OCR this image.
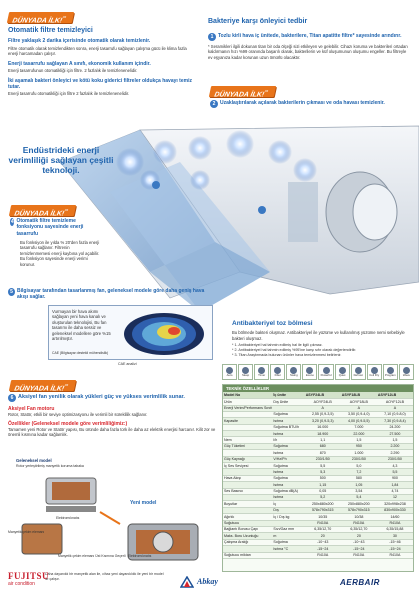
DÜNYADA İLK!**
Otomatik filtre temizleyici
Filtre yaklaşık 2 darika içerisinde otomatik olarak temizlenir.
Filtre otomatik olarak temizlendikten sonra, enerji tasarrufu sağlayan çalışma gücü ile klima fazla enerji harcamadan çalışır.
Enerji tasarrufu sağlayan A sınıfı, ekonomik kullanım içindir.
Enerji tasarrufunun otomatikliği için filtre. 2 fazlalık ile temizlenenelidir.
İki aşamalı bakteri önleyici ve kötü koku giderici filtreler oldukça havayı temiz tutar.
Enerji tasarrufu otomatikliği için filtre 2 fazlalık ile temizlenenelidir.
Bakteriye karşı önleyici tedbir
1 Tozlu kirli hava iç ünitede, bakterilere, Titan apatitte filtre* sayesinde arındırır.
* Seramikleri ilgili dokunan titan bir oda ölçeği sizi etkileyen ve gelebilir. Cihazı koruma ve bakterileri ortadan kaldırmanın hızı %99 oranında başarılı olarak, bakterilerin ve küf oluşumunun oluşumu engeller. Bu filtreyle ev eşyanıza kadar korunan uzun ömürlü olacaktır.
DÜNYADA İLK!**
2 Uzaklaştırılarak açılarak bakterilerin çıkması ve oda havası temizlenir.
Endüstrideki enerji verimliliği sağlayan çeşitli teknoloji.
DÜNYADA İLK!**
4 Otomatik filtre temizleme fonksiyonu sayesinde enerji tasarrufu
Bu fonksiyon ile yılda % 20'den fazla enerji tasarrufu sağlanır. Filtrenin temizlenmemesi enerji kaybına yol açabilir. Bu fonksiyon sayesinde enerji verimi korunur.
5 Bilgisayar tarafından tasarlanmış fan, geleneksel modele göre daha geniş hava akışı sağlar.
Vurmayan bir hava akımı sağlayan yeni hava kanalı ve oluşturulan teknolojisi, Bu fan tasarımı ile daha sessiz ve geleneksel modellere göre %15 artırılmıştır.
CAE (Bilgisayar destekli mühendislik)
CAE analizi
Antibakteriyel toz bölmesi
Bu bölmede bakteri oluşmaz. Antibakteriyel ile yüzüme ve kullanılmış yüzüme nemi sebebiyle bakteri oluşmaz.
* 1. Antibakteriyel hal tahmin edilmiş hal ile ilgili çıkmaz.
* 2. Antibakteriyel hal tahmin edilmiş %95'ine karşı sıfır olarak değerlendirilir.
* 3. Titan Araştırmada bulunan ürünler hava temizlenmesi belirlenir.
DÜNYADA İLK!**
6 Aksiyel fan yenilik olarak yükleri güç ve yükses verimlilik sunar.
Aksiyel Fan motoru
Rotor, Statör, etkili bir seviye optimizasyonu ile verimli bir süreklilik sağlanır.
Özellikler (Geleneksel modele göre verimliliğimiz:)
Tamamen yeni Rotor ve Statör yapısı, Bu üründe daha fazla tork ile daha az elektrik enerjisi harcanır. Kilit zor ve önemli kısmına kadar sağlamlık.
Geleneksel model
Rotor yerleştirilmiş manyetik koruma tabaka
Yeni model
Manyetik çekim elemanı
Elektromıknatıs
Manyetik çekim elemanı Üst Kısmına Geçerli Elektromıknatıs
Daha dayanıklı bir manyetik alan ile, cihaz yeni dayanıklılık ile yeni bir model ile çalışır.
Auto	Sleep	Timer	Filter	Swing	Econo Powerful	Quiet	Defrost Coil Dry Program	Wave
TEKNİK ÖZELLİKLER
Model No	İç ünite	ASYF24LB	ASYF18LB	ASYF12LB
Ürün	Dış Ünite	AOYF24LB	AOYF18LB	AOYF12LB
Enerji Verim/Performans Sınıfı		A	A	A
	Soğutma	2,55 (0,9-3,5)	3,50 (0,9-4,0)	7,10 (0,9-8,0)
Kapasite	Isıtma	3,20 (0,9-5,3)	4,00 (0,9-5,5)	7,30 (0,9-8,4)
	Soğutma BTU/h	16.000	7.000	24.200
	Isıtma	18.900	22.000	27.500
Nem	l/h	1,1	1,5	1,5
Güç Tüketimi	Soğutma	680	950	2.200
	Isıtma	870	1.000	2.290
Güç Kaynağı	V/Hz/Ph	230/1/50	230/1/50	230/1/50
İç Ses Seviyesi	Soğutma	5,5	5,0	4,3
	Isıtma	5,3	7,2	5,5
Hava Akışı	Soğutma	500	580	900
	Isıtma	1,15	1,05	1,84
Ses Basıncı	Soğutma dB(A)	0,05	3,54	4,74
	Isıtma	5,2	5,4	12
Boyutlar	İç	250x880x200	250x880x200	320x998x238
	Dış	578x790x315	578x790x315	830x900x330
Ağırlık	İç / Dış kg	10/35	10/38	14/60
Soğutucu		R410A	R410A	R410A
Bağlantı Borusu Çapı	Sıvı/Gaz mm	6,35/12,70	6,35/12,70	6,35/15,88
Maks. Boru Uzunluğu	m	20	20	30
Çalışma Aralığı	Soğutma	-10~43	-10~43	-15~46
	Isıtma °C	-15~24	-15~24	-15~24
Soğutucu miktarı		R410A	R410A	R410A
FUJITSU
air condition	Abkay	AERBAIR
